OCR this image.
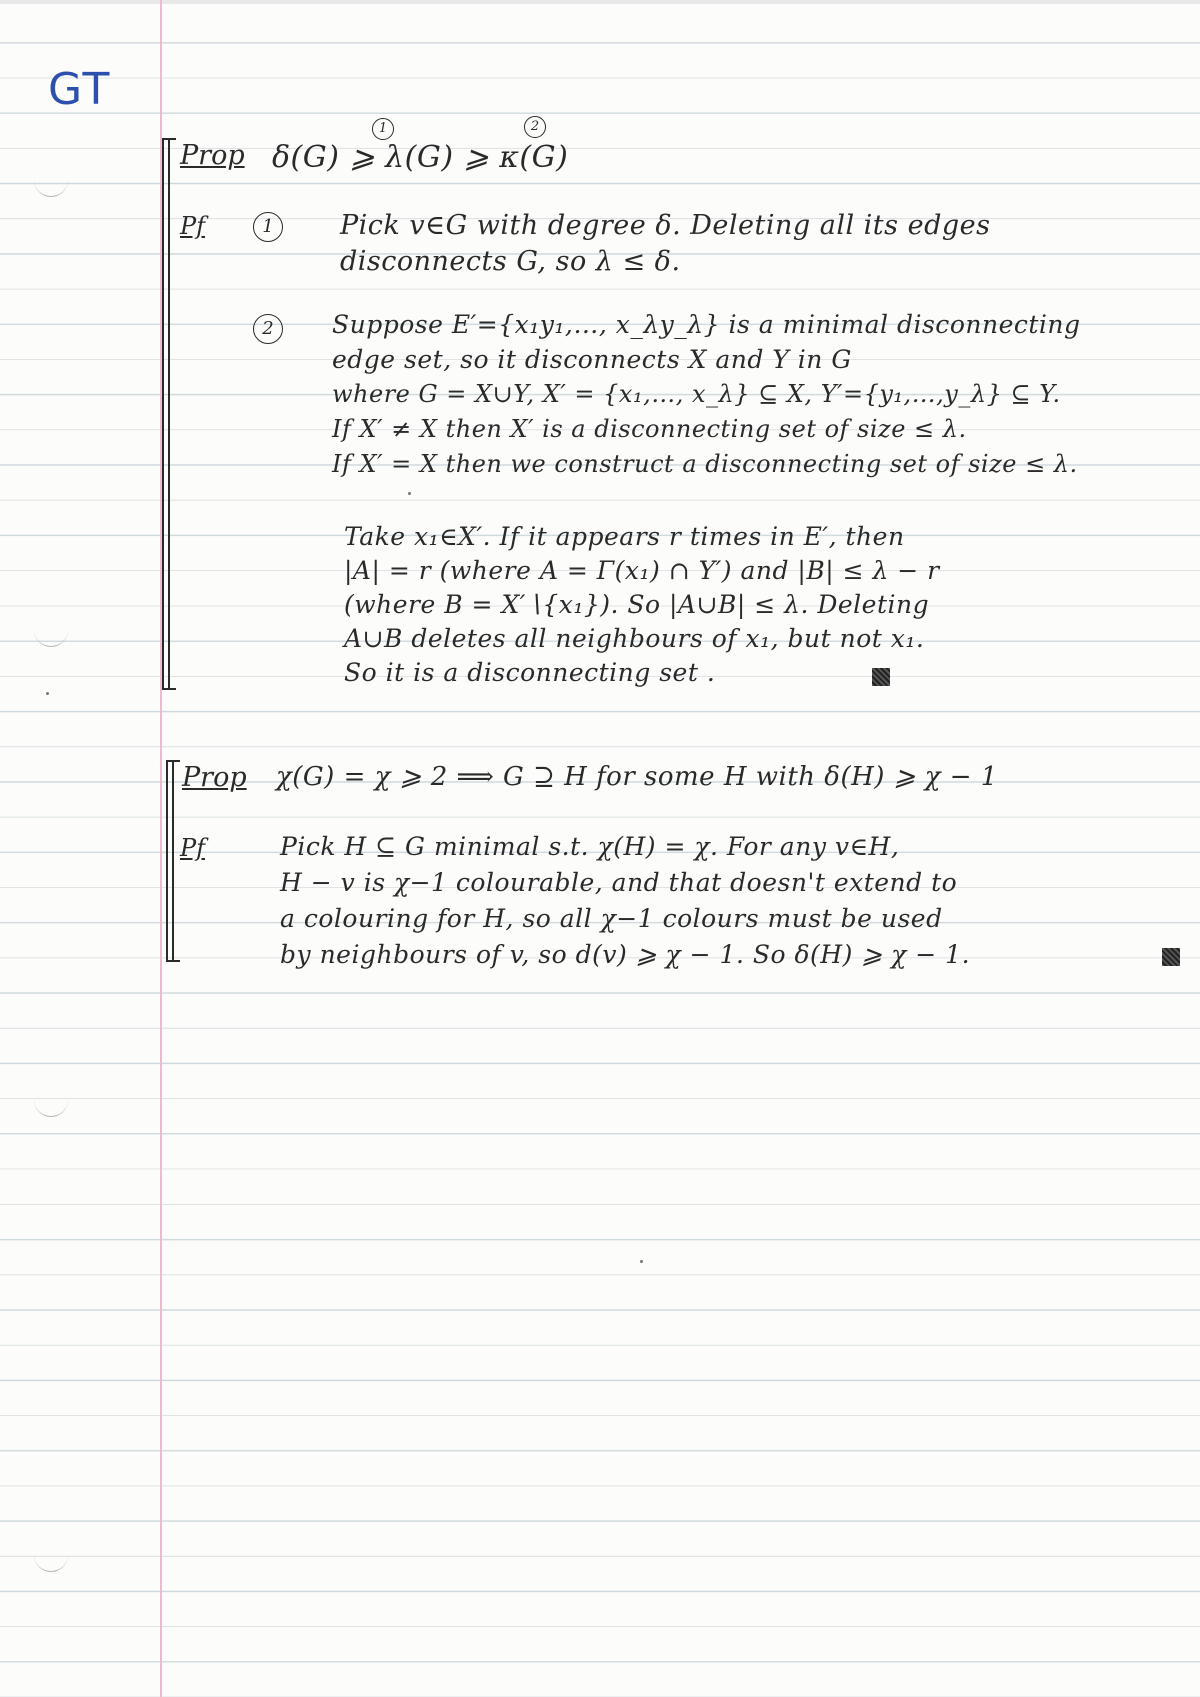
GT
Prop
1	2
δ(G) ⩾ λ(G) ⩾ κ(G)
Pf	1	Pick v∈G with degree δ. Deleting all its edges
disconnects G, so λ ≤ δ.
2	Suppose E′={x₁y₁,…, x_λy_λ} is a minimal disconnecting
edge set, so it disconnects X and Y in G
where G = X∪Y, X′ = {x₁,…, x_λ} ⊆ X, Y′={y₁,…,y_λ} ⊆ Y.
If X′ ≠ X then X′ is a disconnecting set of size ≤ λ.
If X′ = X then we construct a disconnecting set of size ≤ λ.
Take x₁∈X′. If it appears r times in E′, then
|A| = r (where A = Γ(x₁) ∩ Y′) and |B| ≤ λ − r
(where B = X′∖{x₁}). So |A∪B| ≤ λ. Deleting
A∪B deletes all neighbours of x₁, but not x₁.
So it is a disconnecting set .
Prop χ(G) = χ ⩾ 2 ⟹ G ⊇ H for some H with δ(H) ⩾ χ − 1
Pf	Pick H ⊆ G minimal s.t. χ(H) = χ. For any v∈H,
H − v is χ−1 colourable, and that doesn't extend to
a colouring for H, so all χ−1 colours must be used
by neighbours of v, so d(v) ⩾ χ − 1. So δ(H) ⩾ χ − 1.
